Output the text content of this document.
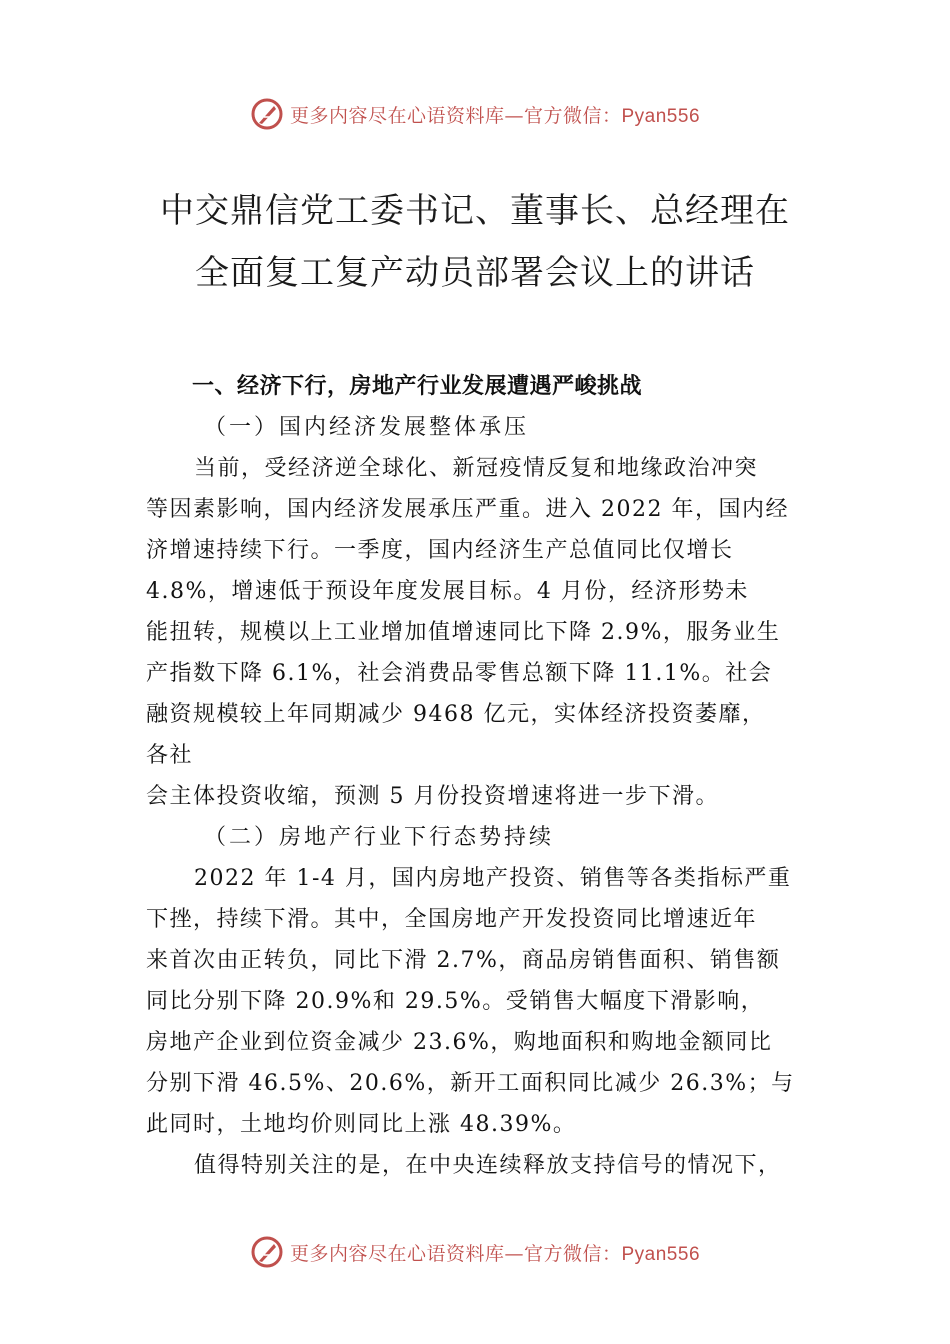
更多内容尽在心语资料库—官方微信：Pyan556
中交鼎信党工委书记、董事长、总经理在
全面复工复产动员部署会议上的讲话
一、经济下行，房地产行业发展遭遇严峻挑战
（一）国内经济发展整体承压
当前，受经济逆全球化、新冠疫情反复和地缘政治冲突
等因素影响，国内经济发展承压严重。进入 2022 年，国内经
济增速持续下行。一季度，国内经济生产总值同比仅增长
4.8%，增速低于预设年度发展目标。4 月份，经济形势未
能扭转，规模以上工业增加值增速同比下降 2.9%，服务业生
产指数下降 6.1%，社会消费品零售总额下降 11.1%。社会
融资规模较上年同期减少 9468 亿元，实体经济投资萎靡，
各社
会主体投资收缩，预测 5 月份投资增速将进一步下滑。
（二）房地产行业下行态势持续
2022 年 1-4 月，国内房地产投资、销售等各类指标严重
下挫，持续下滑。其中，全国房地产开发投资同比增速近年
来首次由正转负，同比下滑 2.7%，商品房销售面积、销售额
同比分别下降 20.9%和 29.5%。受销售大幅度下滑影响，
房地产企业到位资金减少 23.6%，购地面积和购地金额同比
分别下滑 46.5%、20.6%，新开工面积同比减少 26.3%；与
此同时，土地均价则同比上涨 48.39%。
值得特别关注的是，在中央连续释放支持信号的情况下，
更多内容尽在心语资料库—官方微信：Pyan556
